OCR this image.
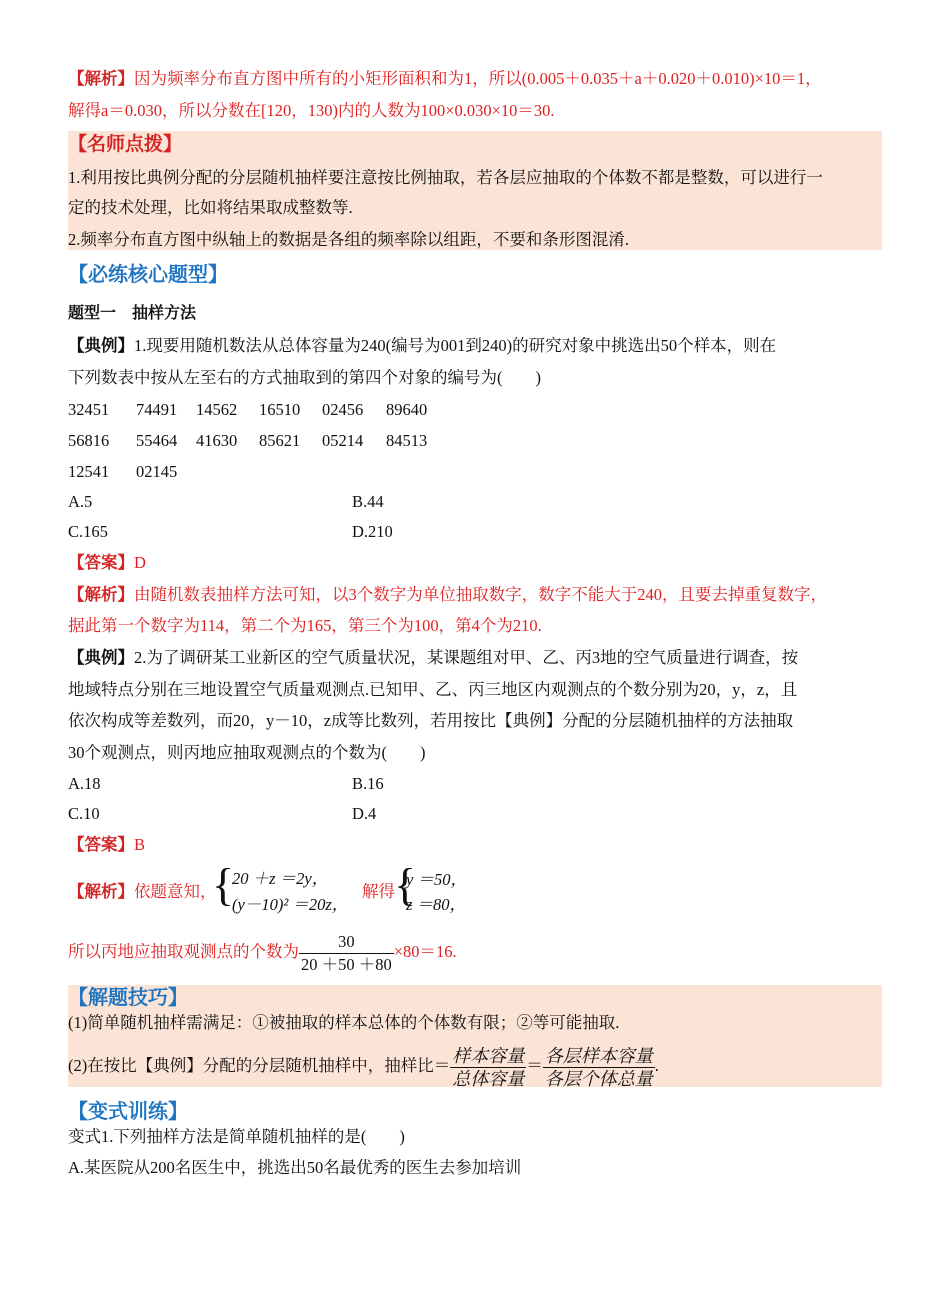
【解析】因为频率分布直方图中所有的小矩形面积和为1，所以(0.005＋0.035＋a＋0.020＋0.010)×10＝1，
解得a＝0.030，所以分数在[120，130)内的人数为100×0.030×10＝30.
【名师点拨】
1.利用按比典例分配的分层随机抽样要注意按比例抽取，若各层应抽取的个体数不都是整数，可以进行一
定的技术处理，比如将结果取成整数等.
2.频率分布直方图中纵轴上的数据是各组的频率除以组距，不要和条形图混淆.
【必练核心题型】
题型一　抽样方法
【典例】1.现要用随机数法从总体容量为240(编号为001到240)的研究对象中挑选出50个样本，则在
下列数表中按从左至右的方式抽取到的第四个对象的编号为(　　)
32451 74491 14562 16510 02456 89640
56816 55464 41630 85621 05214 84513
12541 02145
A.5	B.44
C.165	D.210
【答案】D
【解析】由随机数表抽样方法可知，以3个数字为单位抽取数字，数字不能大于240，且要去掉重复数字，
据此第一个数字为114，第二个为165，第三个为100，第4个为210.
【典例】2.为了调研某工业新区的空气质量状况，某课题组对甲、乙、丙3地的空气质量进行调查，按
地域特点分别在三地设置空气质量观测点.已知甲、乙、丙三地区内观测点的个数分别为20，y，z，且
依次构成等差数列，而20，y－10，z成等比数列，若用按比【典例】分配的分层随机抽样的方法抽取
30个观测点，则丙地应抽取观测点的个数为(　　)
A.18	B.16
C.10	D.4
【答案】B
【解析】依题意知，
{
20 ＋z ＝2y，
(y－10)² ＝20z，
解得 {
y ＝50，
z ＝80，
所以丙地应抽取观测点的个数为 $\frac{30}{20 +50 +80} \times 80=16$.
【解题技巧】
(1)简单随机抽样需满足：①被抽取的样本总体的个体数有限；②等可能抽取.
(2)在按比【典例】分配的分层随机抽样中，抽样比＝ $\frac{\text{样本容量}}{\text{总体容量}} = \frac{\text{各层样本容量}}{\text{各层个体总量}}$ .
【变式训练】
变式1.下列抽样方法是简单随机抽样的是(　　)
A.某医院从200名医生中，挑选出50名最优秀的医生去参加培训
